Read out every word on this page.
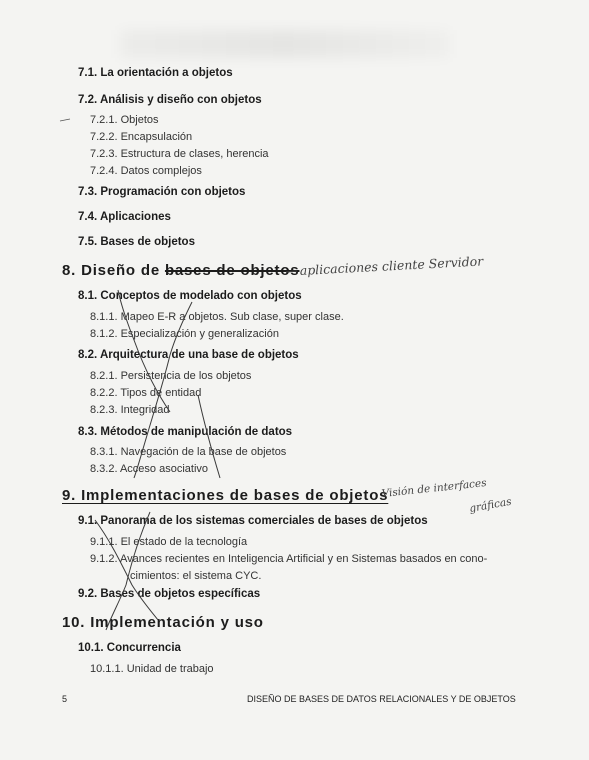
7.1. La orientación a objetos
7.2. Análisis y diseño con objetos
7.2.1. Objetos
7.2.2. Encapsulación
7.2.3. Estructura de clases, herencia
7.2.4. Datos complejos
7.3. Programación con objetos
7.4. Aplicaciones
7.5. Bases de objetos
8. Diseño de bases de objetos
8.1. Conceptos de modelado con objetos
8.1.1. Mapeo E-R a objetos. Sub clase, super clase.
8.1.2. Especialización y generalización
8.2. Arquitectura de una base de objetos
8.2.1. Persistencia de los objetos
8.2.2. Tipos de entidad
8.2.3. Integridad
8.3. Métodos de manipulación de datos
8.3.1. Navegación de la base de objetos
8.3.2. Acceso asociativo
9. Implementaciones de bases de objetos
9.1. Panorama de los sistemas comerciales de bases de objetos
9.1.1. El estado de la tecnología
9.1.2. Avances recientes en Inteligencia Artificial y en Sistemas basados en cono-
cimientos: el sistema CYC.
9.2. Bases de objetos específicas
10. Implementación y uso
10.1. Concurrencia
10.1.1. Unidad de trabajo
5	DISEÑO DE BASES DE DATOS RELACIONALES Y DE OBJETOS
aplicaciones cliente Servidor
Visión de interfaces
gráficas
